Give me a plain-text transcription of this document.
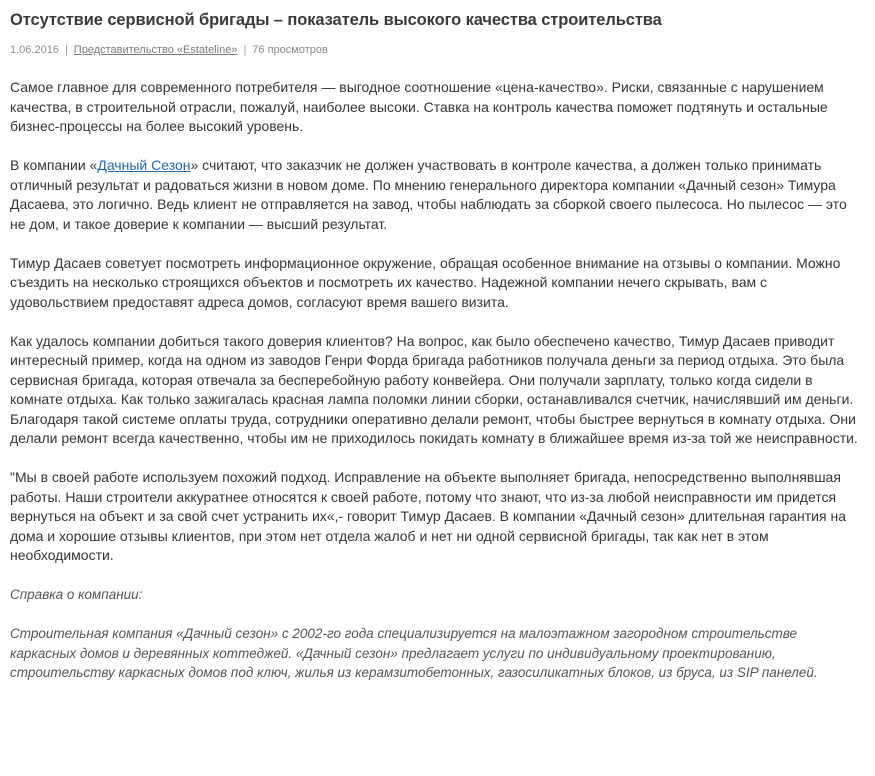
Отсутствие сервисной бригады – показатель высокого качества строительства
1.06.2016 | Представительство «Estateline» | 76 просмотров

Самое главное для современного потребителя — выгодное соотношение «цена-качество». Риски, связанные с нарушением качества, в строительной отрасли, пожалуй, наиболее высоки. Ставка на контроль качества поможет подтянуть и остальные бизнес-процессы на более высокий уровень.

В компании «Дачный Сезон» считают, что заказчик не должен участвовать в контроле качества, а должен только принимать отличный результат и радоваться жизни в новом доме. По мнению генерального директора компании «Дачный сезон» Тимура Дасаева, это логично. Ведь клиент не отправляется на завод, чтобы наблюдать за сборкой своего пылесоса. Но пылесос — это не дом, и такое доверие к компании — высший результат.

Тимур Дасаев советует посмотреть информационное окружение, обращая особенное внимание на отзывы о компании. Можно съездить на несколько строящихся объектов и посмотреть их качество. Надежной компании нечего скрывать, вам с удовольствием предоставят адреса домов, согласуют время вашего визита.

Как удалось компании добиться такого доверия клиентов? На вопрос, как было обеспечено качество, Тимур Дасаев приводит интересный пример, когда на одном из заводов Генри Форда бригада работников получала деньги за период отдыха. Это была сервисная бригада, которая отвечала за бесперебойную работу конвейера. Они получали зарплату, только когда сидели в комнате отдыха. Как только зажигалась красная лампа поломки линии сборки, останавливался счетчик, начислявший им деньги. Благодаря такой системе оплаты труда, сотрудники оперативно делали ремонт, чтобы быстрее вернуться в комнату отдыха. Они делали ремонт всегда качественно, чтобы им не приходилось покидать комнату в ближайшее время из-за той же неисправности.

"Мы в своей работе используем похожий подход. Исправление на объекте выполняет бригада, непосредственно выполнявшая работы. Наши строители аккуратнее относятся к своей работе, потому что знают, что из-за любой неисправности им придется вернуться на объект и за свой счет устранить их«,- говорит Тимур Дасаев. В компании «Дачный сезон» длительная гарантия на дома и хорошие отзывы клиентов, при этом нет отдела жалоб и нет ни одной сервисной бригады, так как нет в этом необходимости.

Справка о компании:

Строительная компания «Дачный сезон» с 2002-го года специализируется на малоэтажном загородном строительстве каркасных домов и деревянных коттеджей. «Дачный сезон» предлагает услуги по индивидуальному проектированию, строительству каркасных домов под ключ, жилья из керамзитобетонных, газосиликатных блоков, из бруса, из SIP панелей.
